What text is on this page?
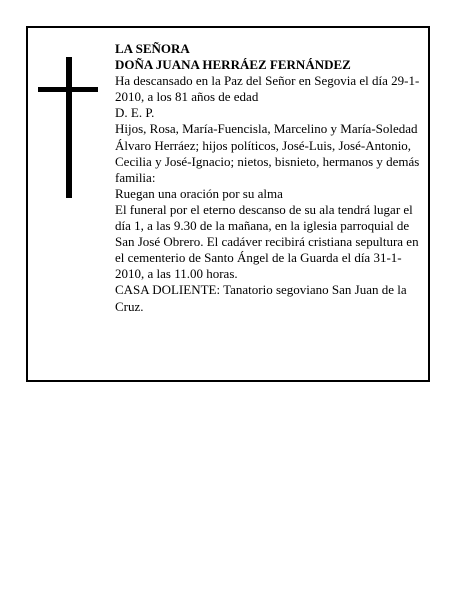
LA SEÑORA

DOÑA JUANA HERRÁEZ FERNÁNDEZ

Ha descansado en la Paz del Señor en Segovia el día 29-1-2010, a los 81 años de edad

D. E. P.

Hijos, Rosa, María-Fuencisla, Marcelino y María-Soledad Álvaro Herráez; hijos políticos, José-Luis, José-Antonio, Cecilia y José-Ignacio; nietos, bisnieto, hermanos y demás familia:

Ruegan una oración por su alma

El funeral por el eterno descanso de su ala tendrá lugar el día 1, a las 9.30 de la mañana, en la iglesia parroquial de San José Obrero. El cadáver recibirá cristiana sepultura en el cementerio de Santo Ángel de la Guarda el día 31-1-2010, a las 11.00 horas.

CASA DOLIENTE: Tanatorio segoviano San Juan de la Cruz.
